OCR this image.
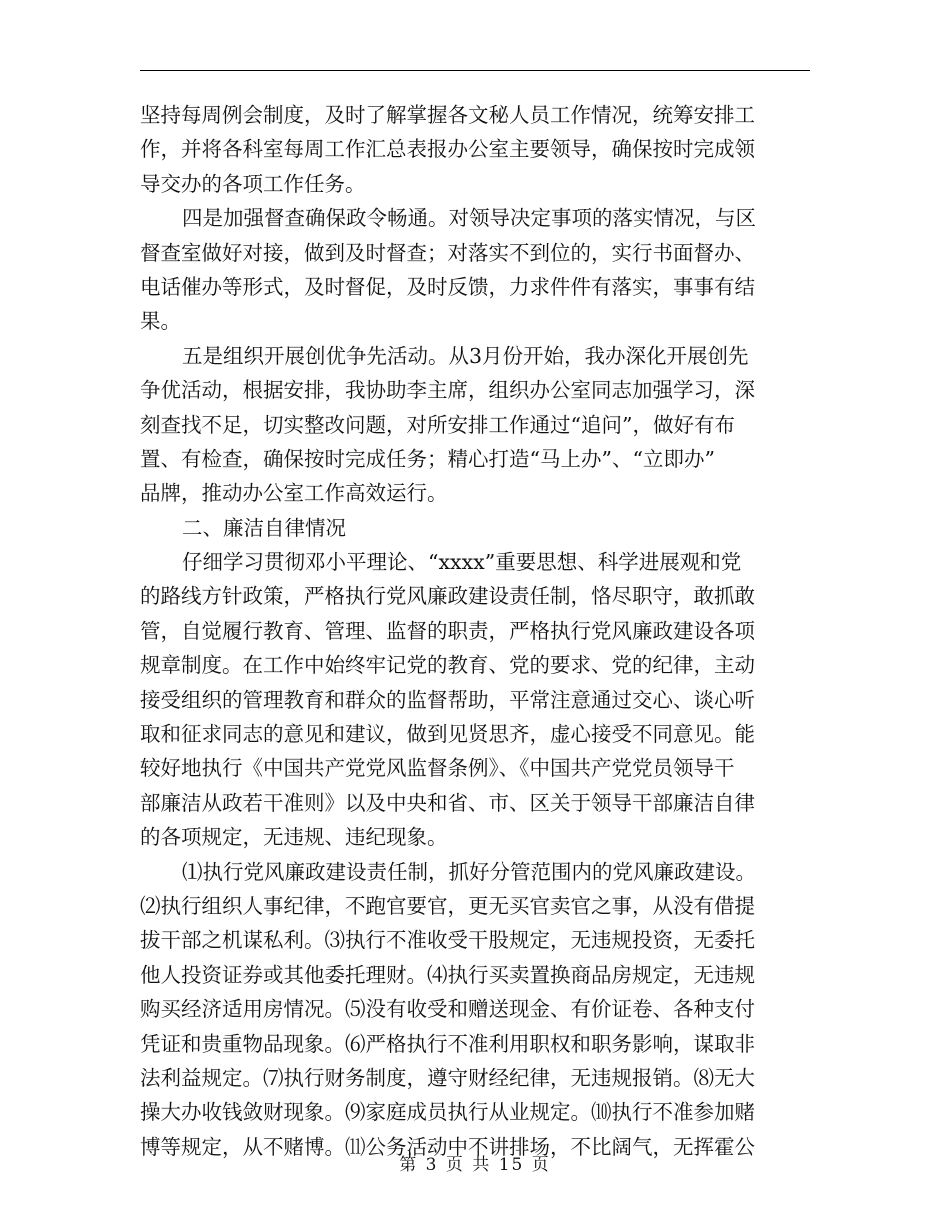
坚持每周例会制度，及时了解掌握各文秘人员工作情况，统筹安排工
作，并将各科室每周工作汇总表报办公室主要领导，确保按时完成领
导交办的各项工作任务。
四是加强督查确保政令畅通。对领导决定事项的落实情况，与区
督查室做好对接，做到及时督查；对落实不到位的，实行书面督办、
电话催办等形式，及时督促，及时反馈，力求件件有落实，事事有结
果。
五是组织开展创优争先活动。从3月份开始，我办深化开展创先
争优活动，根据安排，我协助李主席，组织办公室同志加强学习，深
刻查找不足，切实整改问题，对所安排工作通过“追问”，做好有布
置、有检查，确保按时完成任务；精心打造“马上办”、“立即办”
品牌，推动办公室工作高效运行。
二、廉洁自律情况
仔细学习贯彻邓小平理论、“xxxx”重要思想、科学进展观和党
的路线方针政策，严格执行党风廉政建设责任制，恪尽职守，敢抓敢
管，自觉履行教育、管理、监督的职责，严格执行党风廉政建设各项
规章制度。在工作中始终牢记党的教育、党的要求、党的纪律，主动
接受组织的管理教育和群众的监督帮助，平常注意通过交心、谈心听
取和征求同志的意见和建议，做到见贤思齐，虚心接受不同意见。能
较好地执行《中国共产党党风监督条例》、《中国共产党党员领导干
部廉洁从政若干准则》以及中央和省、市、区关于领导干部廉洁自律
的各项规定，无违规、违纪现象。
⑴执行党风廉政建设责任制，抓好分管范围内的党风廉政建设。
⑵执行组织人事纪律，不跑官要官，更无买官卖官之事，从没有借提
拔干部之机谋私利。⑶执行不准收受干股规定，无违规投资，无委托
他人投资证券或其他委托理财。⑷执行买卖置换商品房规定，无违规
购买经济适用房情况。⑸没有收受和赠送现金、有价证卷、各种支付
凭证和贵重物品现象。⑹严格执行不准利用职权和职务影响，谋取非
法利益规定。⑺执行财务制度，遵守财经纪律，无违规报销。⑻无大
操大办收钱敛财现象。⑼家庭成员执行从业规定。⑽执行不准参加赌
博等规定，从不赌博。⑾公务活动中不讲排场，不比阔气，无挥霍公
第 3 页 共 15 页
